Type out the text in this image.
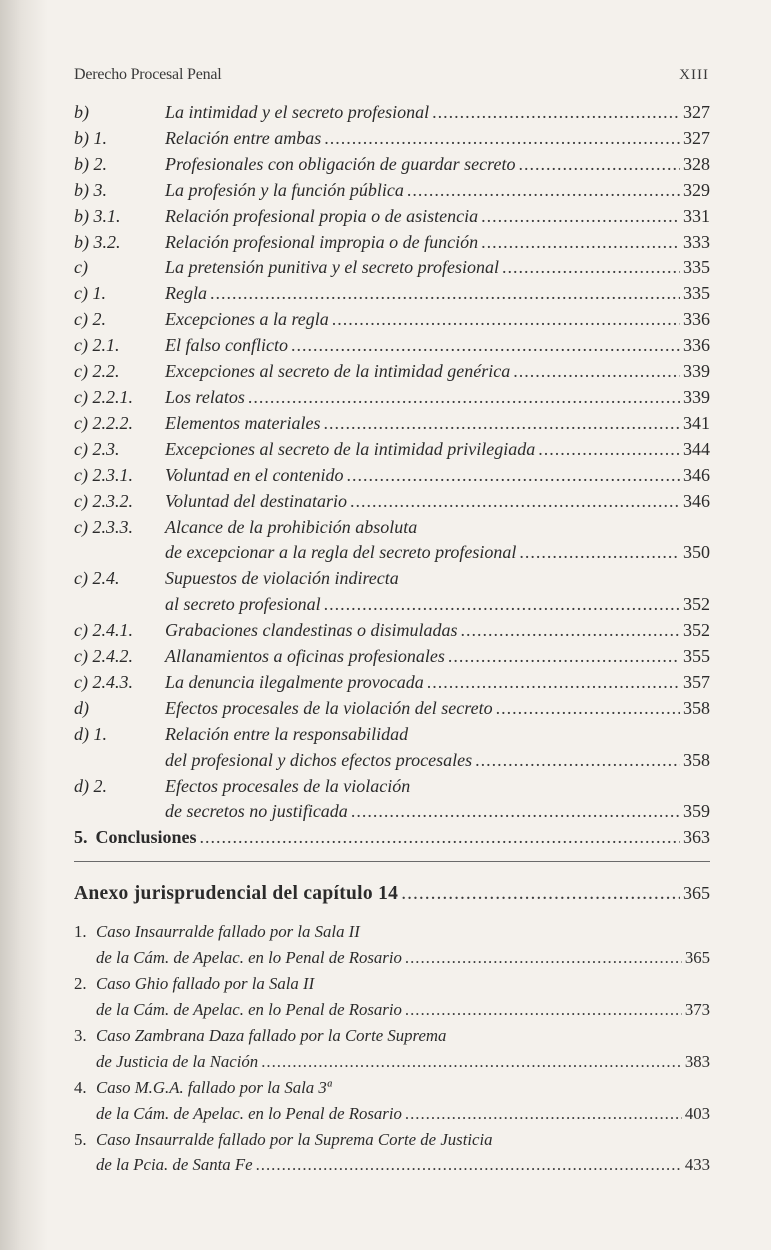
Derecho Procesal Penal	XIII
b)	La intimidad y el secreto profesional .....	327
b) 1.	Relación entre ambas .....	327
b) 2.	Profesionales con obligación de guardar secreto .....	328
b) 3.	La profesión y la función pública .....	329
b) 3.1.	Relación profesional propia o de asistencia .....	331
b) 3.2.	Relación profesional impropia o de función .....	333
c)	La pretensión punitiva y el secreto profesional .....	335
c) 1.	Regla .....	335
c) 2.	Excepciones a la regla .....	336
c) 2.1.	El falso conflicto .....	336
c) 2.2.	Excepciones al secreto de la intimidad genérica .....	339
c) 2.2.1.	Los relatos .....	339
c) 2.2.2.	Elementos materiales .....	341
c) 2.3.	Excepciones al secreto de la intimidad privilegiada .....	344
c) 2.3.1.	Voluntad en el contenido .....	346
c) 2.3.2.	Voluntad del destinatario .....	346
c) 2.3.3.	Alcance de la prohibición absoluta
de excepcionar a la regla del secreto profesional .....	350
c) 2.4.	Supuestos de violación indirecta
al secreto profesional .....	352
c) 2.4.1.	Grabaciones clandestinas o disimuladas .....	352
c) 2.4.2.	Allanamientos a oficinas profesionales .....	355
c) 2.4.3.	La denuncia ilegalmente provocada .....	357
d)	Efectos procesales de la violación del secreto .....	358
d) 1.	Relación entre la responsabilidad
del profesional y dichos efectos procesales .....	358
d) 2.	Efectos procesales de la violación
de secretos no justificada .....	359
5. Conclusiones .....	363
Anexo jurisprudencial del capítulo 14 .....	365
1. Caso Insaurralde fallado por la Sala II
de la Cám. de Apelac. en lo Penal de Rosario .....	365
2. Caso Ghio fallado por la Sala II
de la Cám. de Apelac. en lo Penal de Rosario .....	373
3. Caso Zambrana Daza fallado por la Corte Suprema
de Justicia de la Nación .....	383
4. Caso M.G.A. fallado por la Sala 3ª
de la Cám. de Apelac. en lo Penal de Rosario .....	403
5. Caso Insaurralde fallado por la Suprema Corte de Justicia
de la Pcia. de Santa Fe .....	433
